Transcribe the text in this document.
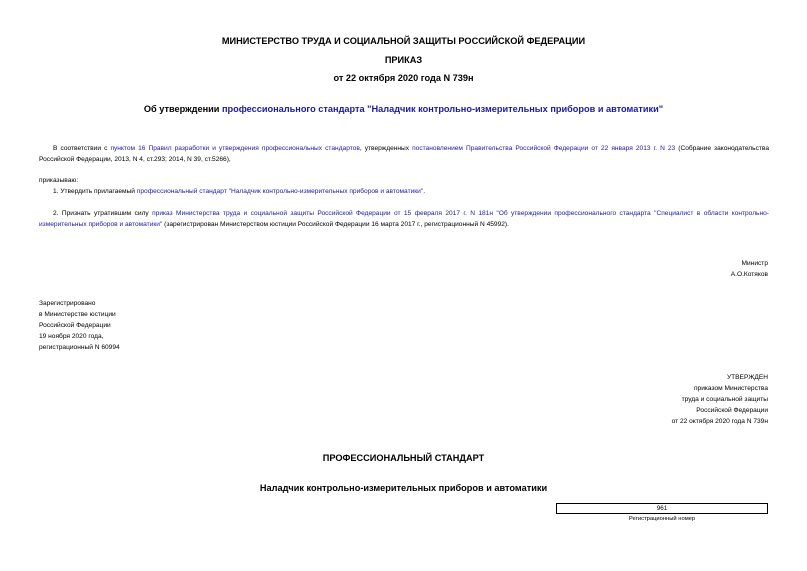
МИНИСТЕРСТВО ТРУДА И СОЦИАЛЬНОЙ ЗАЩИТЫ РОССИЙСКОЙ ФЕДЕРАЦИИ
ПРИКАЗ
от 22 октября 2020 года N 739н
Об утверждении профессионального стандарта "Наладчик контрольно-измерительных приборов и автоматики"
В соответствии с пунктом 16 Правил разработки и утверждения профессиональных стандартов, утвержденных постановлением Правительства Российской Федерации от 22 января 2013 г. N 23 (Собрание законодательства Российской Федерации, 2013, N 4, ст.293; 2014, N 39, ст.5266),
приказываю:
1. Утвердить прилагаемый профессиональный стандарт "Наладчик контрольно-измерительных приборов и автоматики".
2. Признать утратившим силу приказ Министерства труда и социальной защиты Российской Федерации от 15 февраля 2017 г. N 181н "Об утверждении профессионального стандарта "Специалист в области контрольно-измерительных приборов и автоматики" (зарегистрирован Министерством юстиции Российской Федерации 16 марта 2017 г., регистрационный N 45992).
Министр
А.О.Котяков
Зарегистрировано
в Министерстве юстиции
Российской Федерации
19 ноября 2020 года,
регистрационный N 60994
УТВЕРЖДЕН
приказом Министерства
труда и социальной защиты
Российской Федерации
от 22 октября 2020 года N 739н
ПРОФЕССИОНАЛЬНЫЙ СТАНДАРТ
Наладчик контрольно-измерительных приборов и автоматики
961
Регистрационный номер
